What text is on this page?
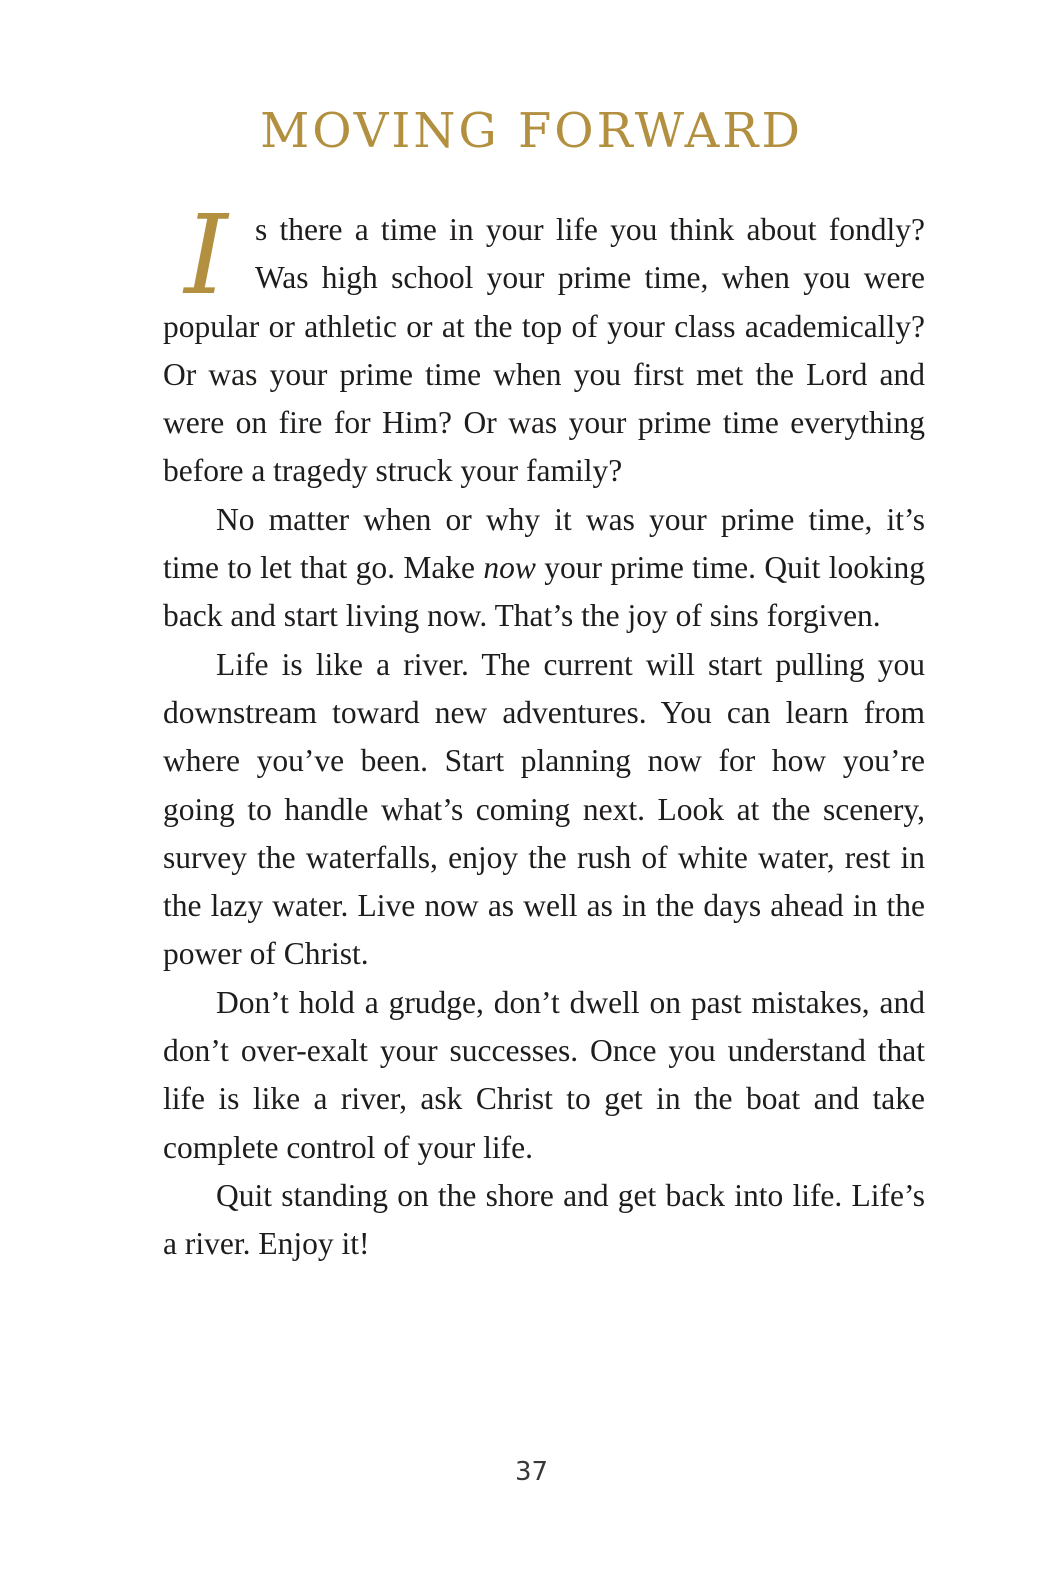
MOVING FORWARD

Is there a time in your life you think about fondly? Was high school your prime time, when you were popular or athletic or at the top of your class academically? Or was your prime time when you first met the Lord and were on fire for Him? Or was your prime time everything before a tragedy struck your family?

No matter when or why it was your prime time, it’s time to let that go. Make now your prime time. Quit looking back and start living now. That’s the joy of sins forgiven.

Life is like a river. The current will start pulling you downstream toward new adventures. You can learn from where you’ve been. Start planning now for how you’re going to handle what’s coming next. Look at the scenery, survey the waterfalls, enjoy the rush of white water, rest in the lazy water. Live now as well as in the days ahead in the power of Christ.

Don’t hold a grudge, don’t dwell on past mistakes, and don’t over-exalt your successes. Once you understand that life is like a river, ask Christ to get in the boat and take complete control of your life.

Quit standing on the shore and get back into life. Life’s a river. Enjoy it!

37
